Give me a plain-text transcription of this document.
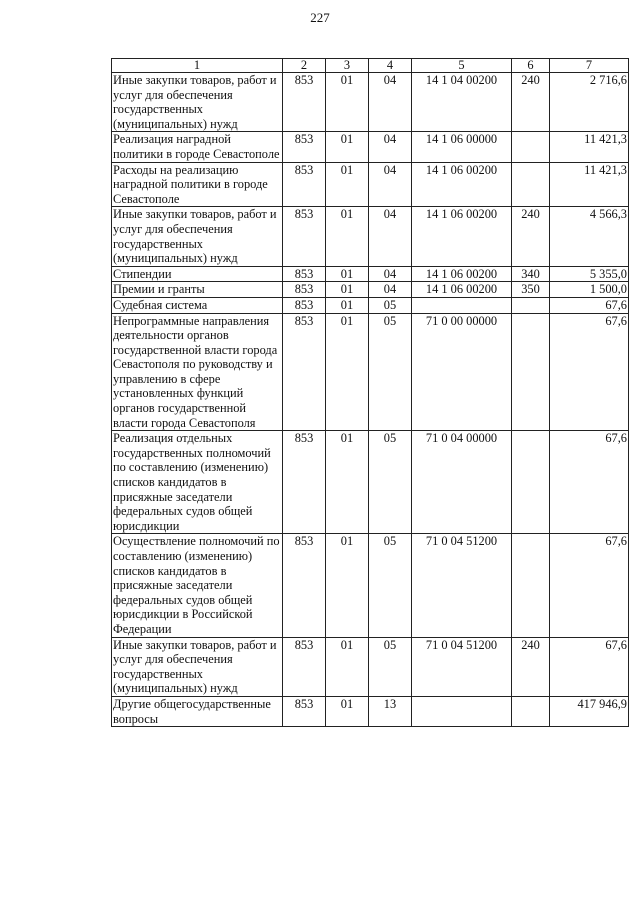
227
1	2	3	4	5	6	7
Иные закупки товаров, работ и услуг для обеспечения государственных (муниципальных) нужд	853	01	04	14 1 04 00200	240	2 716,6
Реализация наградной политики в городе Севастополе	853	01	04	14 1 06 00000		11 421,3
Расходы на реализацию наградной политики в городе Севастополе	853	01	04	14 1 06 00200		11 421,3
Иные закупки товаров, работ и услуг для обеспечения государственных (муниципальных) нужд	853	01	04	14 1 06 00200	240	4 566,3
Стипендии	853	01	04	14 1 06 00200	340	5 355,0
Премии и гранты	853	01	04	14 1 06 00200	350	1 500,0
Судебная система	853	01	05			67,6
Непрограммные направления деятельности органов государственной власти города Севастополя по руководству и управлению в сфере установленных функций органов государственной власти города Севастополя	853	01	05	71 0 00 00000		67,6
Реализация отдельных государственных полномочий по составлению (изменению) списков кандидатов в присяжные заседатели федеральных судов общей юрисдикции	853	01	05	71 0 04 00000		67,6
Осуществление полномочий по составлению (изменению) списков кандидатов в присяжные заседатели федеральных судов общей юрисдикции в Российской Федерации	853	01	05	71 0 04 51200		67,6
Иные закупки товаров, работ и услуг для обеспечения государственных (муниципальных) нужд	853	01	05	71 0 04 51200	240	67,6
Другие общегосударственные вопросы	853	01	13			417 946,9
